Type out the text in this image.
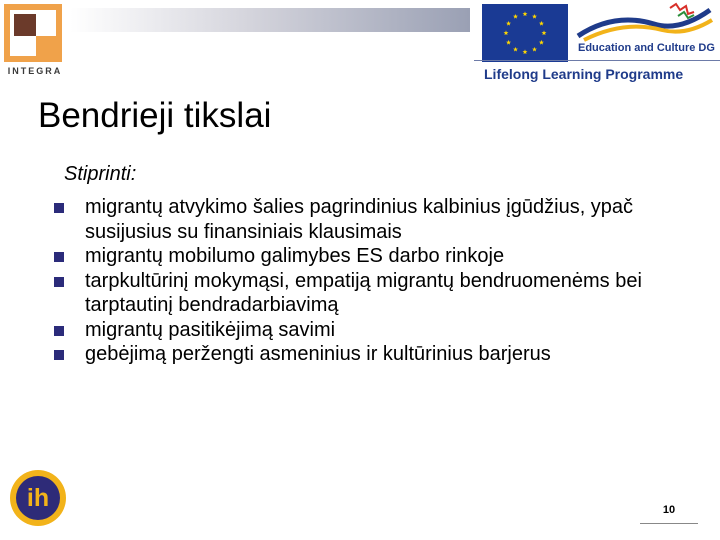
INTEGRA
Education and Culture DG
Lifelong Learning Programme
Bendrieji tikslai
Stiprinti:
migrantų atvykimo šalies pagrindinius kalbinius įgūdžius, ypač susijusius su finansiniais klausimais
migrantų mobilumo galimybes ES darbo rinkoje
tarpkultūrinį mokymąsi, empatiją migrantų bendruomenėms bei tarptautinį bendradarbiavimą
migrantų pasitikėjimą savimi
gebėjimą peržengti asmeninius ir kultūrinius barjerus
ih	10
